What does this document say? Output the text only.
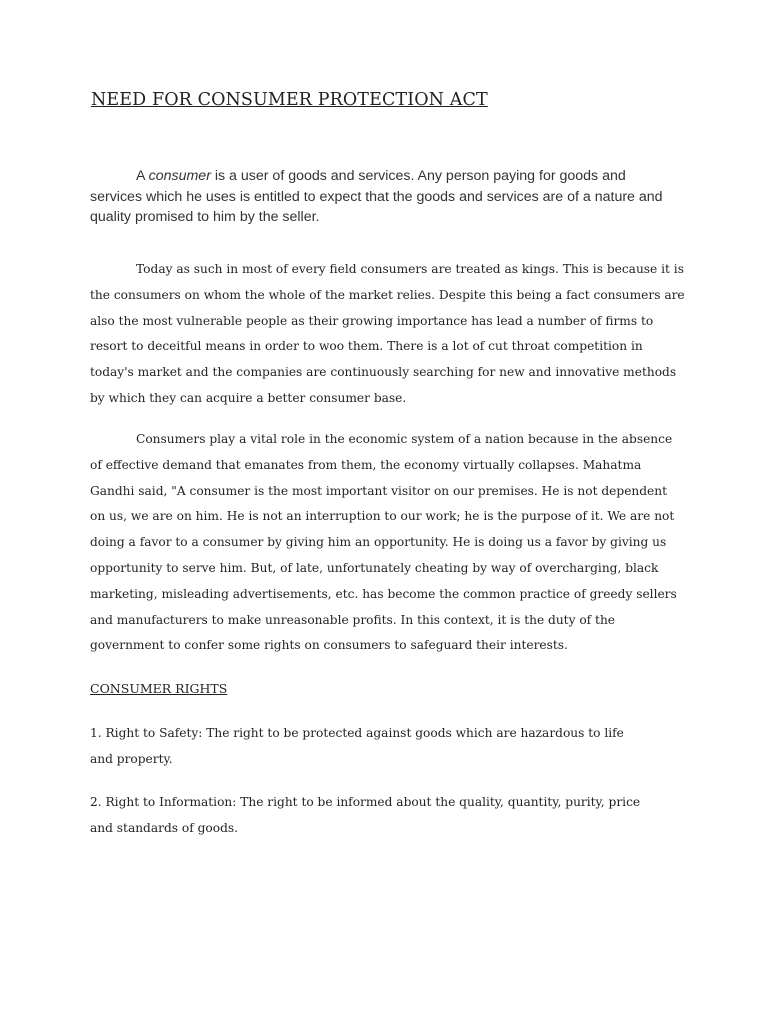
NEED FOR CONSUMER PROTECTION ACT

A consumer is a user of goods and services. Any person paying for goods and services which he uses is entitled to expect that the goods and services are of a nature and quality promised to him by the seller.

Today as such in most of every field consumers are treated as kings. This is because it is the consumers on whom the whole of the market relies. Despite this being a fact consumers are also the most vulnerable people as their growing importance has lead a number of firms to resort to deceitful means in order to woo them. There is a lot of cut throat competition in today's market and the companies are continuously searching for new and innovative methods by which they can acquire a better consumer base.

Consumers play a vital role in the economic system of a nation because in the absence of effective demand that emanates from them, the economy virtually collapses. Mahatma Gandhi said, "A consumer is the most important visitor on our premises. He is not dependent on us, we are on him. He is not an interruption to our work; he is the purpose of it. We are not doing a favor to a consumer by giving him an opportunity. He is doing us a favor by giving us opportunity to serve him. But, of late, unfortunately cheating by way of overcharging, black marketing, misleading advertisements, etc. has become the common practice of greedy sellers and manufacturers to make unreasonable profits. In this context, it is the duty of the government to confer some rights on consumers to safeguard their interests.

CONSUMER RIGHTS

1. Right to Safety: The right to be protected against goods which are hazardous to life and property.

2. Right to Information: The right to be informed about the quality, quantity, purity, price and standards of goods.
